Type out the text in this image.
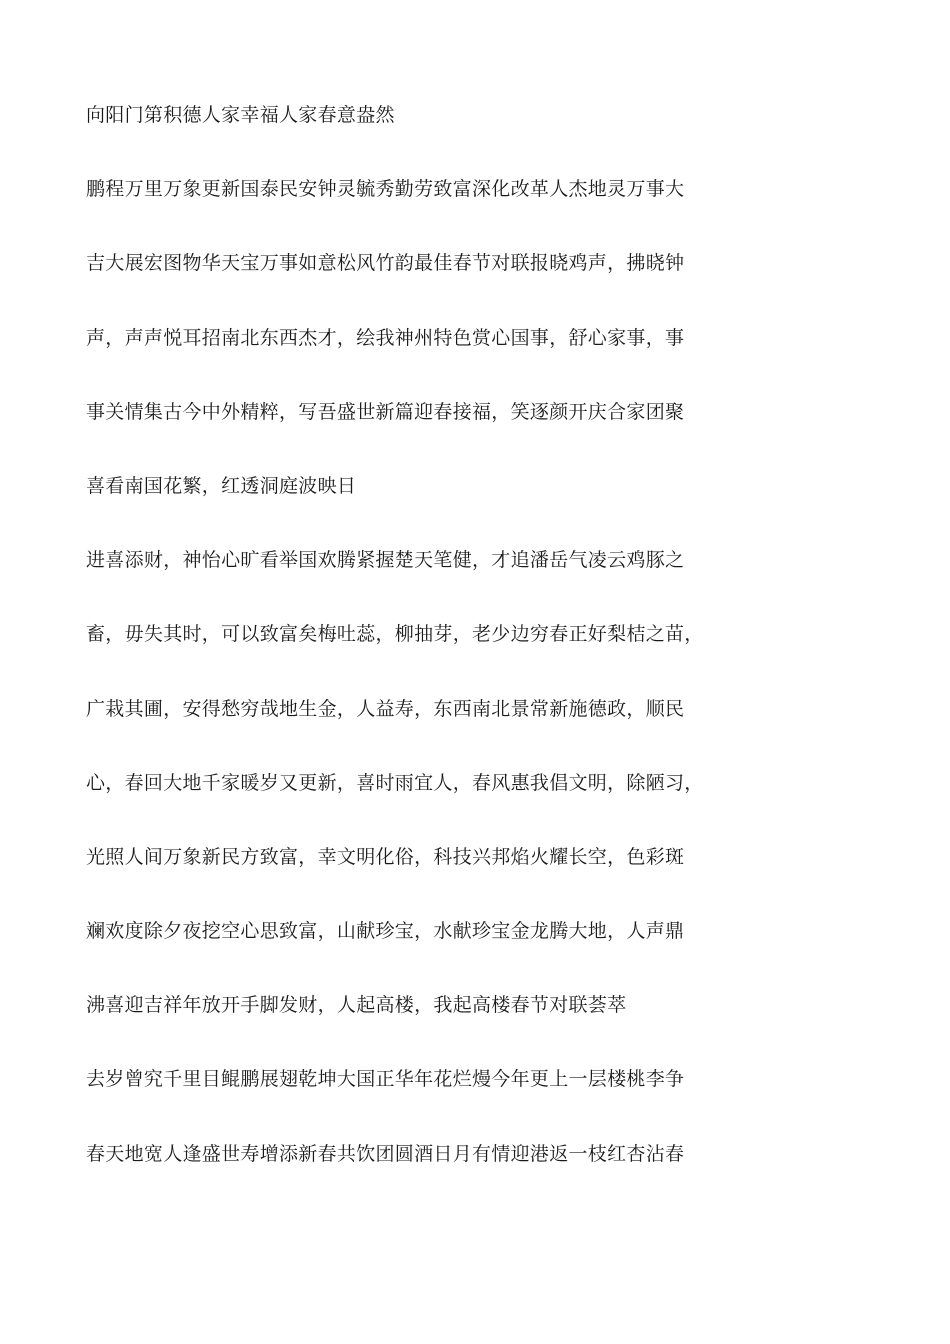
向阳门第积德人家幸福人家春意盎然

鹏程万里万象更新国泰民安钟灵毓秀勤劳致富深化改革人杰地灵万事大

吉大展宏图物华天宝万事如意松风竹韵最佳春节对联报晓鸡声，拂晓钟

声，声声悦耳招南北东西杰才，绘我神州特色赏心国事，舒心家事，事

事关情集古今中外精粹，写吾盛世新篇迎春接福，笑逐颜开庆合家团聚

喜看南国花繁，红透洞庭波映日

进喜添财，神怡心旷看举国欢腾紧握楚天笔健，才追潘岳气凌云鸡豚之

畜，毋失其时，可以致富矣梅吐蕊，柳抽芽，老少边穷春正好梨桔之苗，

广栽其圃，安得愁穷哉地生金，人益寿，东西南北景常新施德政，顺民

心，春回大地千家暖岁又更新，喜时雨宜人，春风惠我倡文明，除陋习，

光照人间万象新民方致富，幸文明化俗，科技兴邦焰火耀长空，色彩斑

斓欢度除夕夜挖空心思致富，山献珍宝，水献珍宝金龙腾大地，人声鼎

沸喜迎吉祥年放开手脚发财，人起高楼，我起高楼春节对联荟萃

去岁曾究千里目鲲鹏展翅乾坤大国正华年花烂熳今年更上一层楼桃李争

春天地宽人逢盛世寿增添新春共饮团圆酒日月有情迎港返一枝红杏沾春
